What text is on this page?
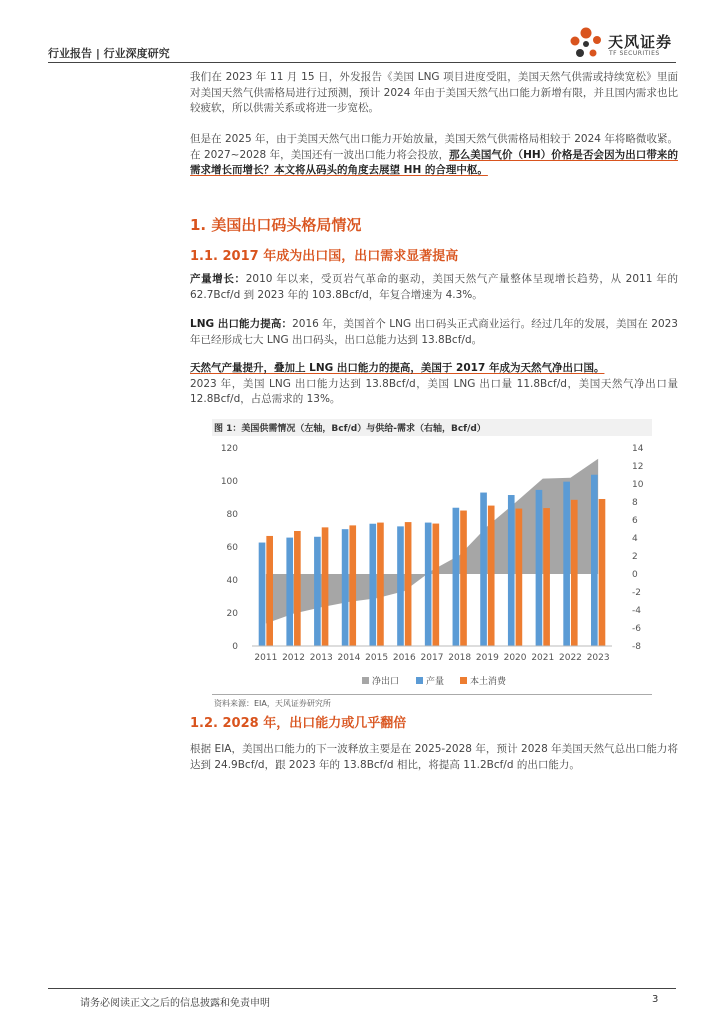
行业报告 | 行业深度研究
天风证券
TF SECURITIES

我们在 2023 年 11 月 15 日，外发报告《美国 LNG 项目进度受阻，美国天然气供需或持续宽松》里面对美国天然气供需格局进行过预测，预计 2024 年由于美国天然气出口能力新增有限，并且国内需求也比较疲软，所以供需关系或将进一步宽松。

但是在 2025 年，由于美国天然气出口能力开始放量，美国天然气供需格局相较于 2024 年将略微收紧。在 2027~2028 年，美国还有一波出口能力将会投放，那么美国气价（HH）价格是否会因为出口带来的需求增长而增长？本文将从码头的角度去展望 HH 的合理中枢。

1. 美国出口码头格局情况
1.1. 2017 年成为出口国，出口需求显著提高

产量增长：2010 年以来，受页岩气革命的驱动，美国天然气产量整体呈现增长趋势，从 2011 年的 62.7Bcf/d 到 2023 年的 103.8Bcf/d，年复合增速为 4.3%。

LNG 出口能力提高：2016 年，美国首个 LNG 出口码头正式商业运行。经过几年的发展，美国在 2023 年已经形成七大 LNG 出口码头，出口总能力达到 13.8Bcf/d。

天然气产量提升，叠加上 LNG 出口能力的提高，美国于 2017 年成为天然气净出口国。
2023 年，美国 LNG 出口能力达到 13.8Bcf/d，美国 LNG 出口量 11.8Bcf/d，美国天然气净出口量 12.8Bcf/d，占总需求的 13%。

图 1：美国供需情况（左轴，Bcf/d）与供给-需求（右轴，Bcf/d）
0
20
40
60
80
100
120
-8
-6
-4
-2
0
2
4
6
8
10
12
14
2011 2012 2013 2014 2015 2016 2017 2018 2019 2020 2021 2022 2023
净出口	产量	本土消费
资料来源：EIA，天风证券研究所
1.2. 2028 年，出口能力或几乎翻倍

根据 EIA，美国出口能力的下一波释放主要是在 2025-2028 年，预计 2028 年美国天然气总出口能力将达到 24.9Bcf/d，跟 2023 年的 13.8Bcf/d 相比，将提高 11.2Bcf/d 的出口能力。

请务必阅读正文之后的信息披露和免责申明	3
